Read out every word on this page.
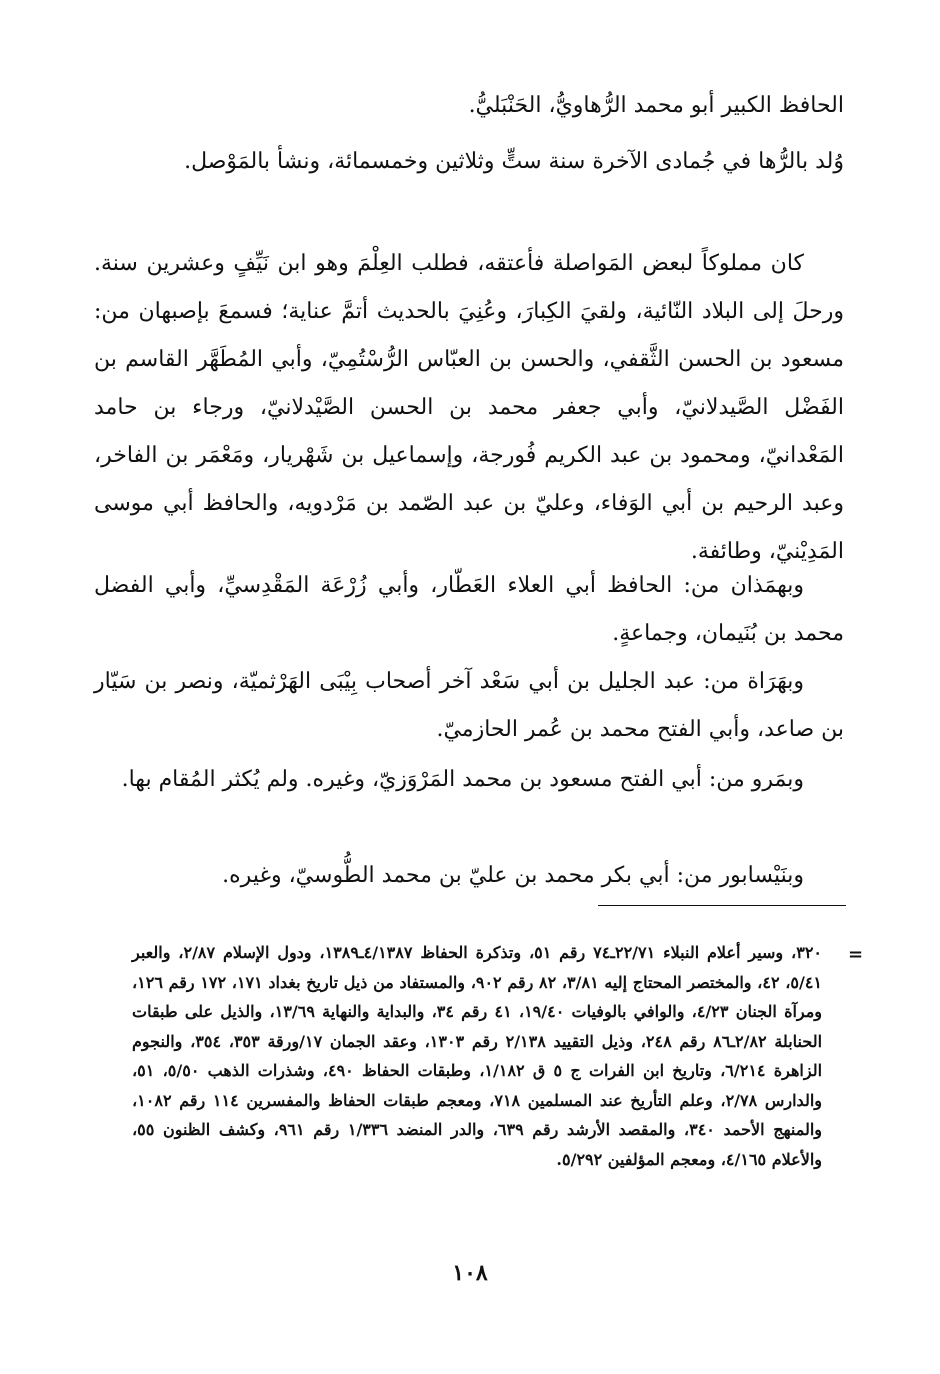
الحافظ الكبير أبو محمد الرُّهاويُّ، الحَنْبَليُّ.

وُلد بالرُّها في جُمادى الآخرة سنة ستٍّ وثلاثين وخمسمائة، ونشأ بالمَوْصل.

كان مملوكاً لبعض المَواصلة فأعتقه، فطلب العِلْمَ وهو ابن نَيِّفٍ وعشرين سنة. ورحلَ إلى البلاد النّائية، ولقيَ الكِبارَ، وعُنِيَ بالحديث أتمَّ عناية؛ فسمعَ بإصبهان من: مسعود بن الحسن الثَّقفي، والحسن بن العبّاس الرُّسْتُمِيّ، وأبي المُطَهَّر القاسم بن الفَضْل الصَّيدلانيّ، وأبي جعفر محمد بن الحسن الصَّيْدلانيّ، ورجاء بن حامد المَعْدانيّ، ومحمود بن عبد الكريم فُورجة، وإسماعيل بن شَهْريار، ومَعْمَر بن الفاخر، وعبد الرحيم بن أبي الوَفاء، وعليّ بن عبد الصّمد بن مَرْدويه، والحافظ أبي موسى المَدِيْنيّ، وطائفة.

وبهمَذان من: الحافظ أبي العلاء العَطّار، وأبي زُرْعَة المَقْدِسيِّ، وأبي الفضل محمد بن بُنَيمان، وجماعةٍ.

وبهَرَاة من: عبد الجليل بن أبي سَعْد آخر أصحاب بِيْبَى الهَرْثميّة، ونصر بن سَيّار بن صاعد، وأبي الفتح محمد بن عُمر الحازميّ.

وبمَرو من: أبي الفتح مسعود بن محمد المَرْوَزيّ، وغيره. ولم يُكثر المُقام بها.

وبنَيْسابور من: أبي بكر محمد بن عليّ بن محمد الطُّوسيّ، وغيره.

=

٣٢٠، وسير أعلام النبلاء ٢٢/٧١ـ٧٤ رقم ٥١، وتذكرة الحفاظ ٤/١٣٨٧ـ١٣٨٩، ودول الإسلام ٢/٨٧، والعبر ٥/٤١، ٤٢، والمختصر المحتاج إليه ٣/٨١، ٨٢ رقم ٩٠٢، والمستفاد من ذيل تاريخ بغداد ١٧١، ١٧٢ رقم ١٢٦، ومرآة الجنان ٤/٢٣، والوافي بالوفيات ١٩/٤٠، ٤١ رقم ٣٤، والبداية والنهاية ١٣/٦٩، والذيل على طبقات الحنابلة ٢/٨٢ـ٨٦ رقم ٢٤٨، وذيل التقييد ٢/١٣٨ رقم ١٣٠٣، وعقد الجمان ١٧/ورقة ٣٥٣، ٣٥٤، والنجوم الزاهرة ٦/٢١٤، وتاريخ ابن الفرات ج ٥ ق ١/١٨٢، وطبقات الحفاظ ٤٩٠، وشذرات الذهب ٥/٥٠، ٥١، والدارس ٢/٧٨، وعلم التأريخ عند المسلمين ٧١٨، ومعجم طبقات الحفاظ والمفسرين ١١٤ رقم ١٠٨٢، والمنهج الأحمد ٣٤٠، والمقصد الأرشد رقم ٦٣٩، والدر المنضد ١/٣٣٦ رقم ٩٦١، وكشف الظنون ٥٥، والأعلام ٤/١٦٥، ومعجم المؤلفين ٥/٢٩٢.

١٠٨
